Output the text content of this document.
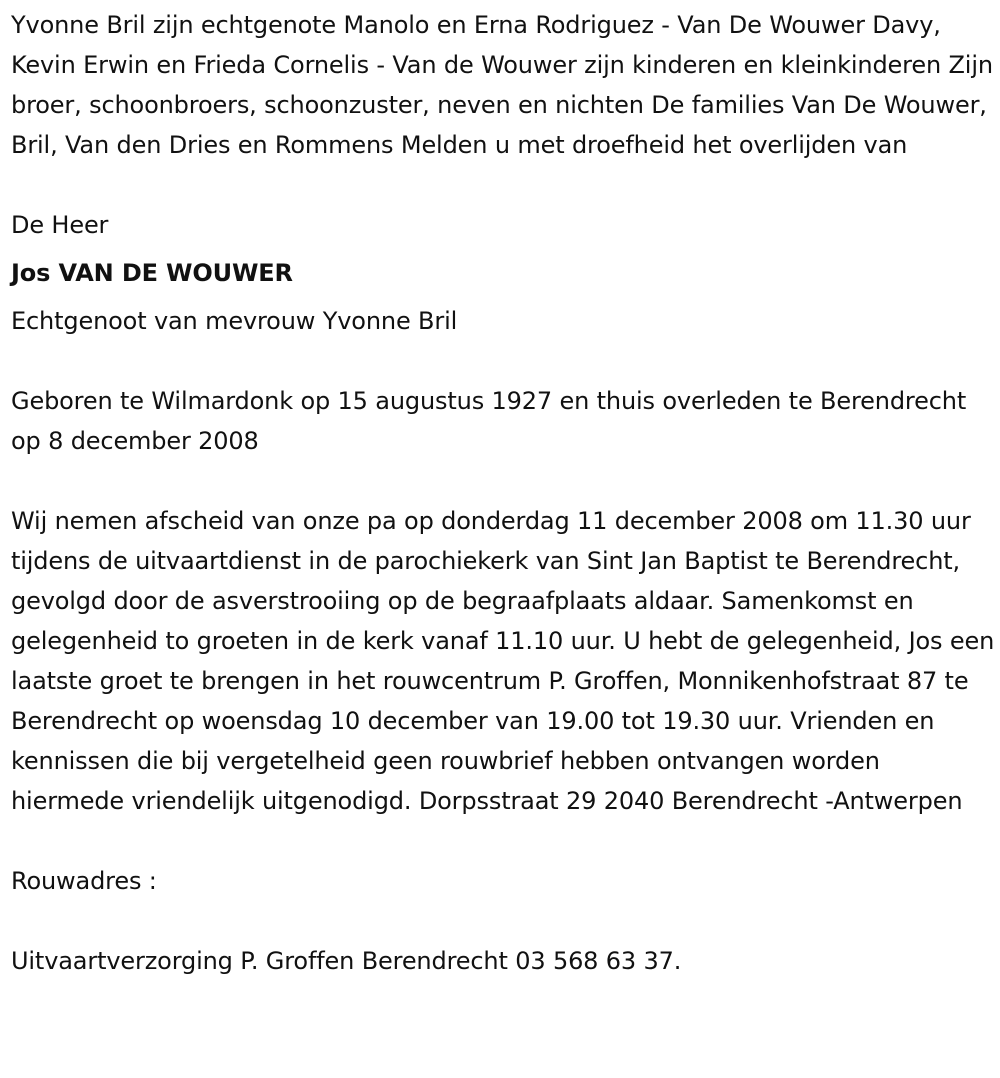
Yvonne Bril zijn echtgenote Manolo en Erna Rodriguez - Van De Wouwer Davy, Kevin Erwin en Frieda Cornelis - Van de Wouwer zijn kinderen en kleinkinderen Zijn broer, schoonbroers, schoonzuster, neven en nichten De families Van De Wouwer, Bril, Van den Dries en Rommens Melden u met droefheid het overlijden van

De Heer

Jos VAN DE WOUWER

Echtgenoot van mevrouw Yvonne Bril

Geboren te Wilmardonk op 15 augustus 1927 en thuis overleden te Berendrecht op 8 december 2008

Wij nemen afscheid van onze pa op donderdag 11 december 2008 om 11.30 uur tijdens de uitvaartdienst in de parochiekerk van Sint Jan Baptist te Berendrecht, gevolgd door de asverstrooiing op de begraafplaats aldaar. Samenkomst en gelegenheid to groeten in de kerk vanaf 11.10 uur. U hebt de gelegenheid, Jos een laatste groet te brengen in het rouwcentrum P. Groffen, Monnikenhofstraat 87 te Berendrecht op woensdag 10 december van 19.00 tot 19.30 uur. Vrienden en kennissen die bij vergetelheid geen rouwbrief hebben ontvangen worden hiermede vriendelijk uitgenodigd. Dorpsstraat 29 2040 Berendrecht -Antwerpen

Rouwadres :

Uitvaartverzorging P. Groffen Berendrecht 03 568 63 37.
